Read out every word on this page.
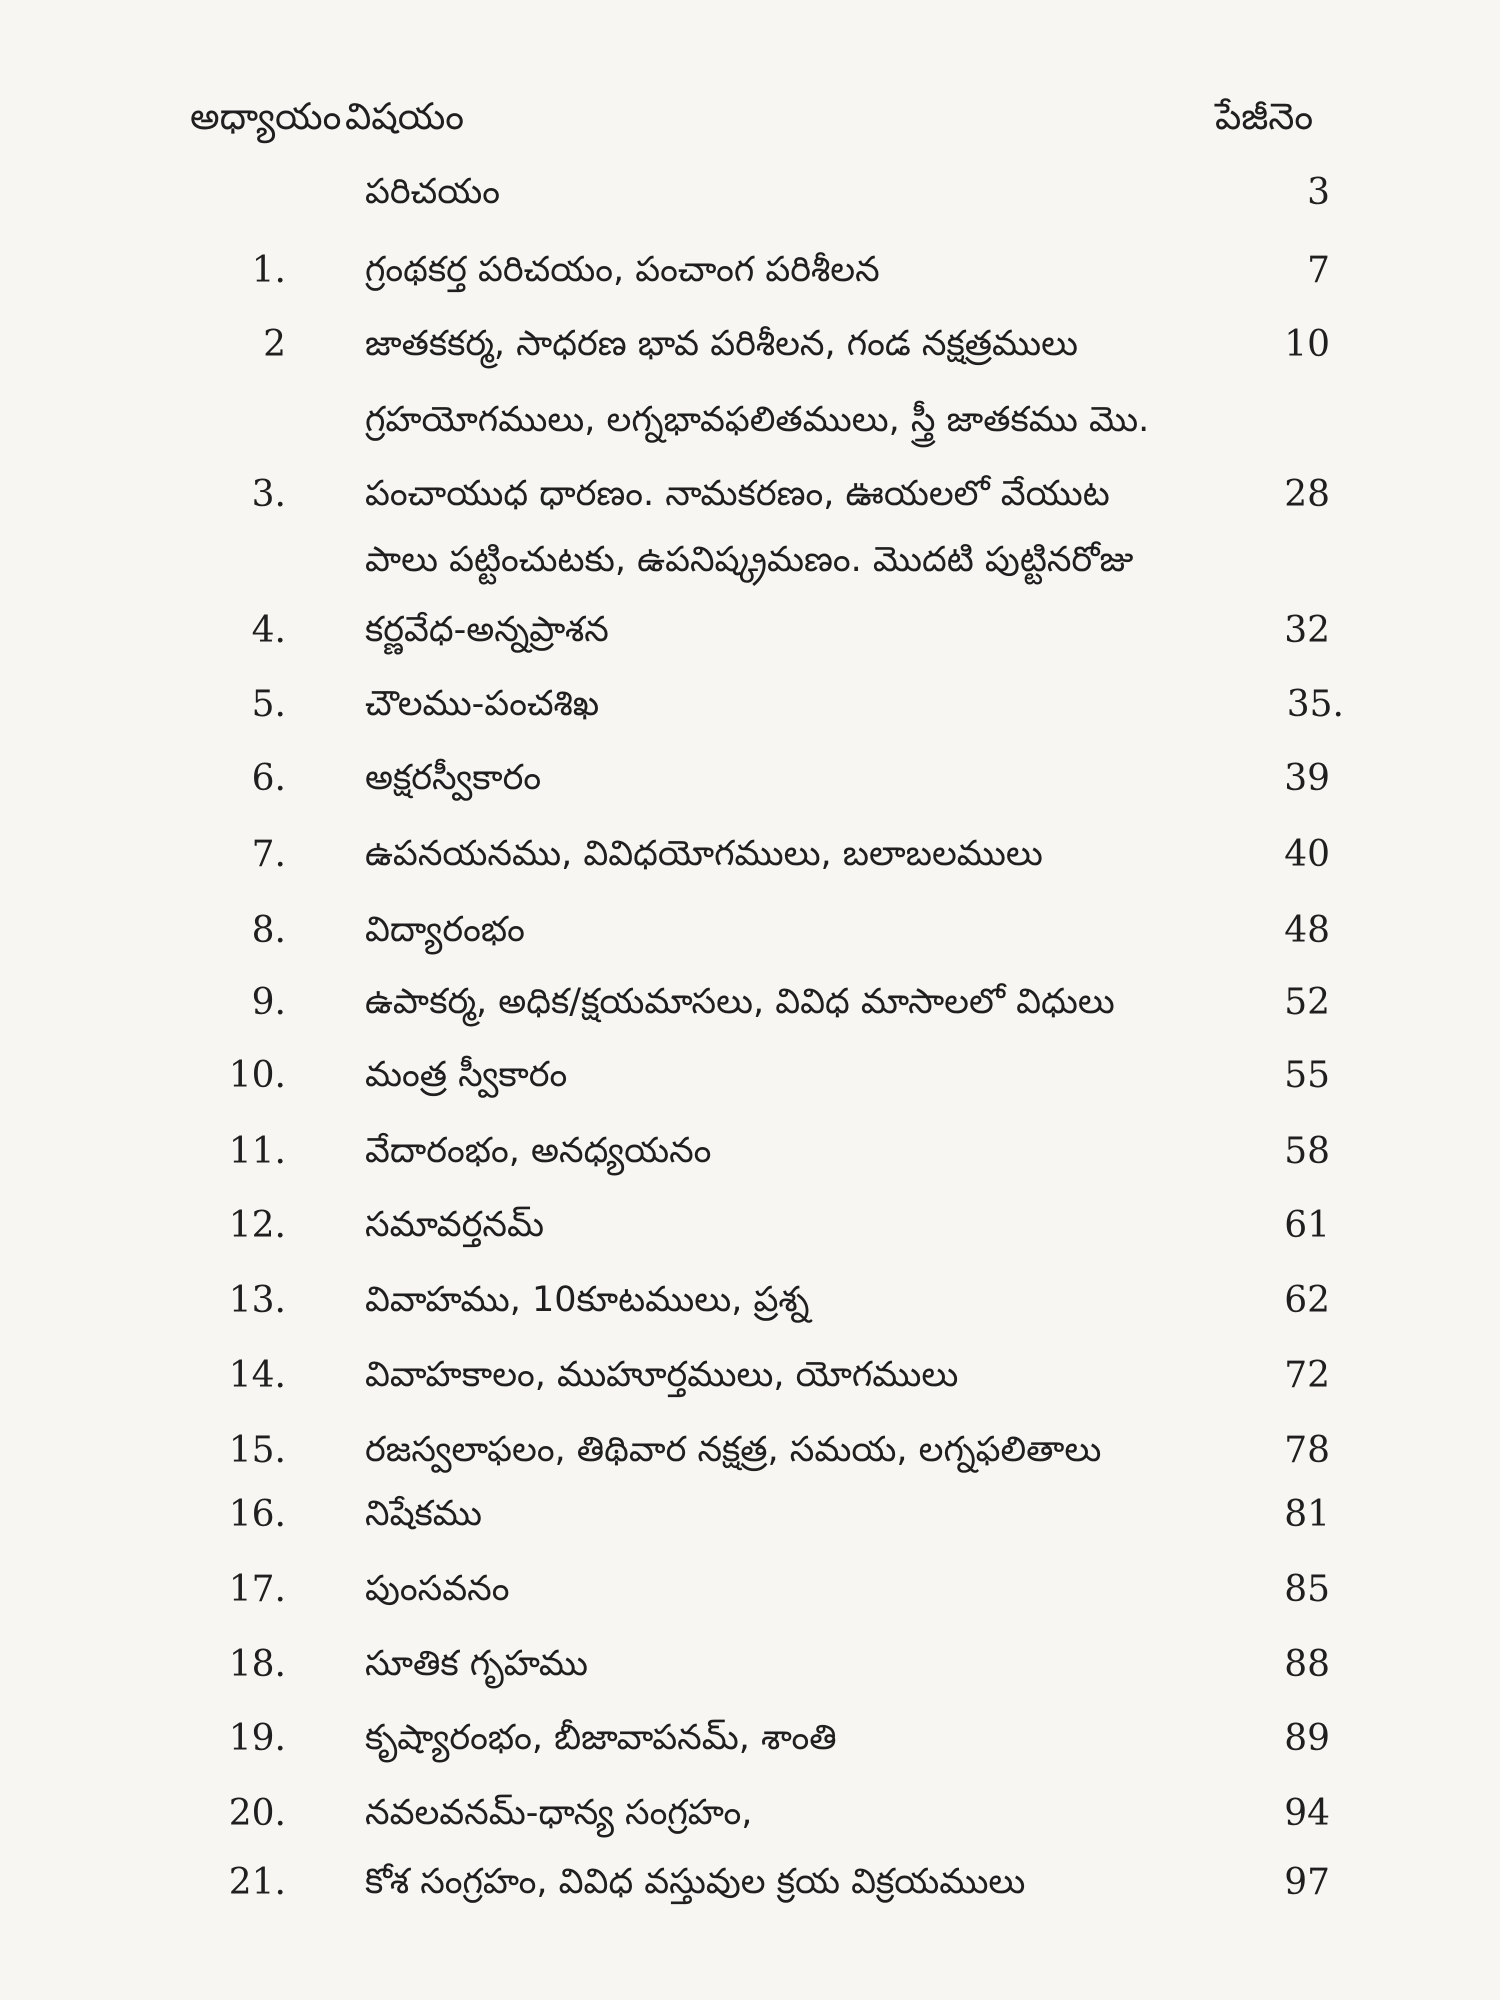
అధ్యాయం విషయం	పేజీనెం
పరిచయం	3
1. గ్రంథకర్త పరిచయం, పంచాంగ పరిశీలన	7
2 జాతకకర్మ, సాధరణ భావ పరిశీలన, గండ నక్షత్రములు	10
గ్రహయోగములు, లగ్నభావఫలితములు, స్త్రీ జాతకము మొ.
3. పంచాయుధ ధారణం. నామకరణం, ఊయలలో వేయుట	28
పాలు పట్టించుటకు, ఉపనిష్క్రమణం. మొదటి పుట్టినరోజు
4. కర్ణవేధ-అన్నప్రాశన	32
5. చౌలము-పంచశిఖ	35.
6. అక్షరస్వీకారం	39
7. ఉపనయనము, వివిధయోగములు, బలాబలములు	40
8. విద్యారంభం	48
9. ఉపాకర్మ, అధిక/క్షయమాసలు, వివిధ మాసాలలో విధులు	52
10. మంత్ర స్వీకారం	55
11. వేదారంభం, అనధ్యయనం	58
12. సమావర్తనమ్	61
13. వివాహము, 10కూటములు, ప్రశ్న	62
14. వివాహకాలం, ముహూర్తములు, యోగములు	72
15. రజస్వలాఫలం, తిథివార నక్షత్ర, సమయ, లగ్నఫలితాలు	78
16. నిషేకము	81
17. పుంసవనం	85
18. సూతిక గృహము	88
19. కృష్యారంభం, బీజావాపనమ్, శాంతి	89
20. నవలవనమ్-ధాన్య సంగ్రహం,	94
21. కోశ సంగ్రహం, వివిధ వస్తువుల క్రయ విక్రయములు	97
